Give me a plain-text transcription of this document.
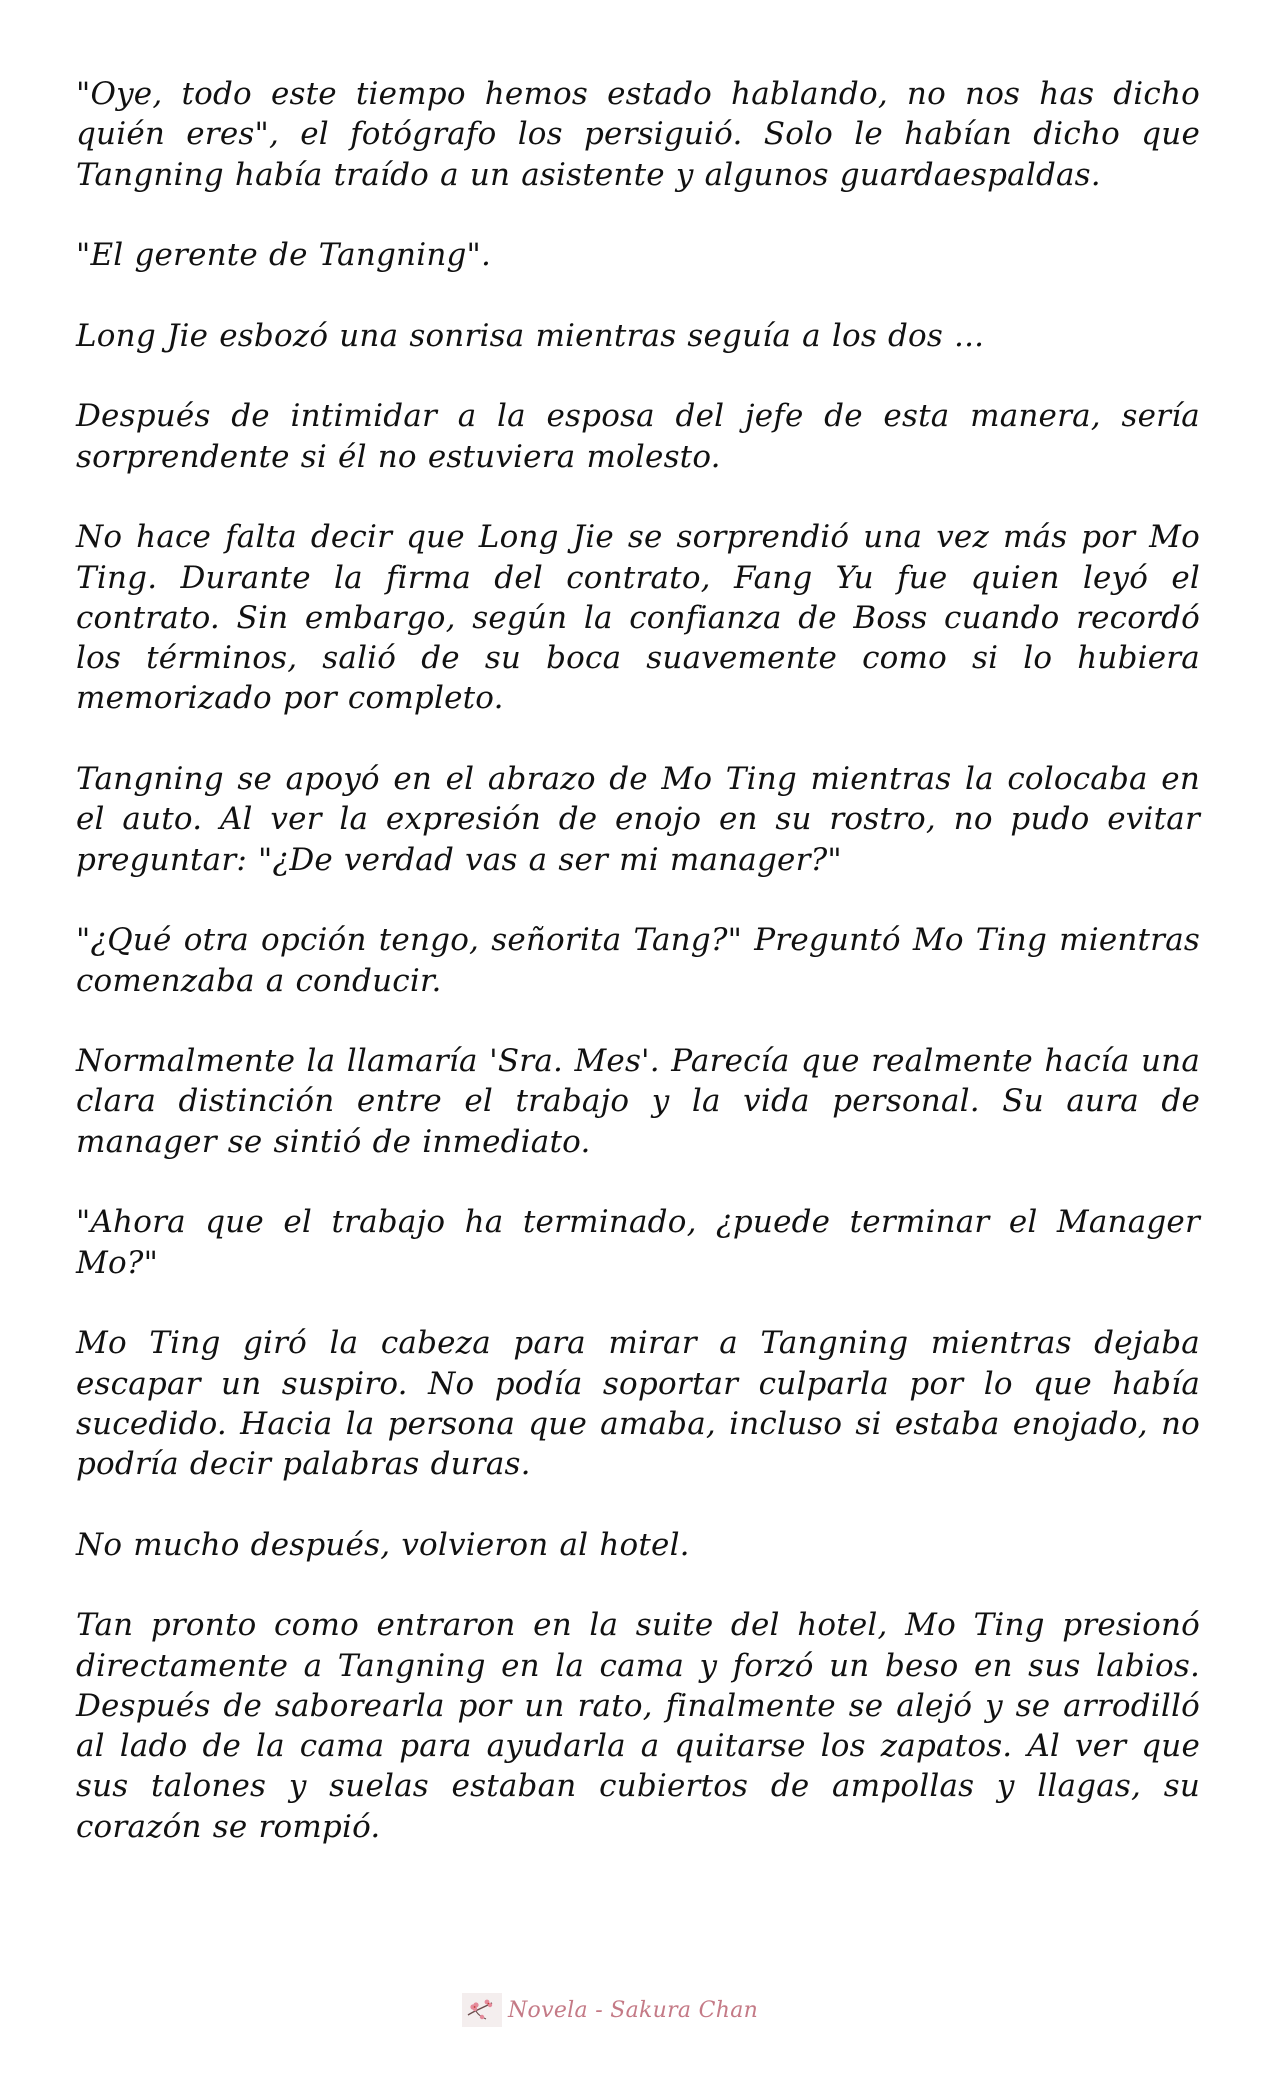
"Oye, todo este tiempo hemos estado hablando, no nos has dicho quién eres", el fotógrafo los persiguió. Solo le habían dicho que Tangning había traído a un asistente y algunos guardaespaldas.

"El gerente de Tangning".

Long Jie esbozó una sonrisa mientras seguía a los dos ...

Después de intimidar a la esposa del jefe de esta manera, sería sorprendente si él no estuviera molesto.

No hace falta decir que Long Jie se sorprendió una vez más por Mo Ting. Durante la firma del contrato, Fang Yu fue quien leyó el contrato. Sin embargo, según la confianza de Boss cuando recordó los términos, salió de su boca suavemente como si lo hubiera memorizado por completo.

Tangning se apoyó en el abrazo de Mo Ting mientras la colocaba en el auto. Al ver la expresión de enojo en su rostro, no pudo evitar preguntar: "¿De verdad vas a ser mi manager?"

"¿Qué otra opción tengo, señorita Tang?" Preguntó Mo Ting mientras comenzaba a conducir.

Normalmente la llamaría 'Sra. Mes'. Parecía que realmente hacía una clara distinción entre el trabajo y la vida personal. Su aura de manager se sintió de inmediato.

"Ahora que el trabajo ha terminado, ¿puede terminar el Manager Mo?"

Mo Ting giró la cabeza para mirar a Tangning mientras dejaba escapar un suspiro. No podía soportar culparla por lo que había sucedido. Hacia la persona que amaba, incluso si estaba enojado, no podría decir palabras duras.

No mucho después, volvieron al hotel.

Tan pronto como entraron en la suite del hotel, Mo Ting presionó directamente a Tangning en la cama y forzó un beso en sus labios. Después de saborearla por un rato, finalmente se alejó y se arrodilló al lado de la cama para ayudarla a quitarse los zapatos. Al ver que sus talones y suelas estaban cubiertos de ampollas y llagas, su corazón se rompió.

Novela - Sakura Chan
